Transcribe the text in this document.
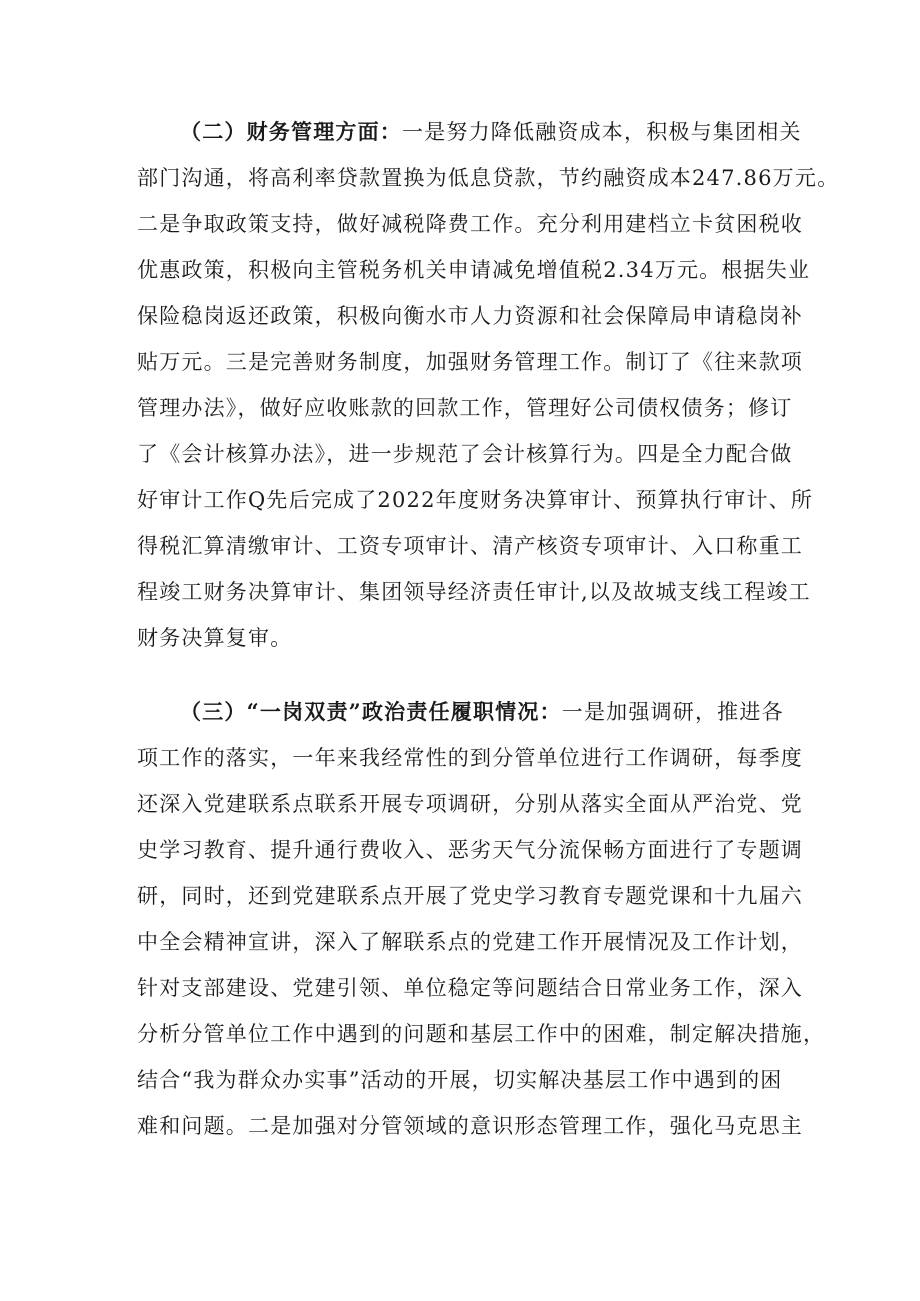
（二）财务管理方面：一是努力降低融资成本，积极与集团相关
部门沟通，将高利率贷款置换为低息贷款，节约融资成本247.86万元。
二是争取政策支持，做好减税降费工作。充分利用建档立卡贫困税收
优惠政策，积极向主管税务机关申请减免增值税2.34万元。根据失业
保险稳岗返还政策，积极向衡水市人力资源和社会保障局申请稳岗补
贴万元。三是完善财务制度，加强财务管理工作。制订了《往来款项
管理办法》，做好应收账款的回款工作，管理好公司债权债务；修订
了《会计核算办法》，进一步规范了会计核算行为。四是全力配合做
好审计工作Q先后完成了2022年度财务决算审计、预算执行审计、所
得税汇算清缴审计、工资专项审计、清产核资专项审计、入口称重工
程竣工财务决算审计、集团领导经济责任审计,以及故城支线工程竣工
财务决算复审。
（三）“一岗双责”政治责任履职情况：一是加强调研，推进各
项工作的落实，一年来我经常性的到分管单位进行工作调研，每季度
还深入党建联系点联系开展专项调研，分别从落实全面从严治党、党
史学习教育、提升通行费收入、恶劣天气分流保畅方面进行了专题调
研，同时，还到党建联系点开展了党史学习教育专题党课和十九届六
中全会精神宣讲，深入了解联系点的党建工作开展情况及工作计划，
针对支部建设、党建引领、单位稳定等问题结合日常业务工作，深入
分析分管单位工作中遇到的问题和基层工作中的困难，制定解决措施，
结合“我为群众办实事”活动的开展，切实解决基层工作中遇到的困
难和问题。二是加强对分管领域的意识形态管理工作，强化马克思主
